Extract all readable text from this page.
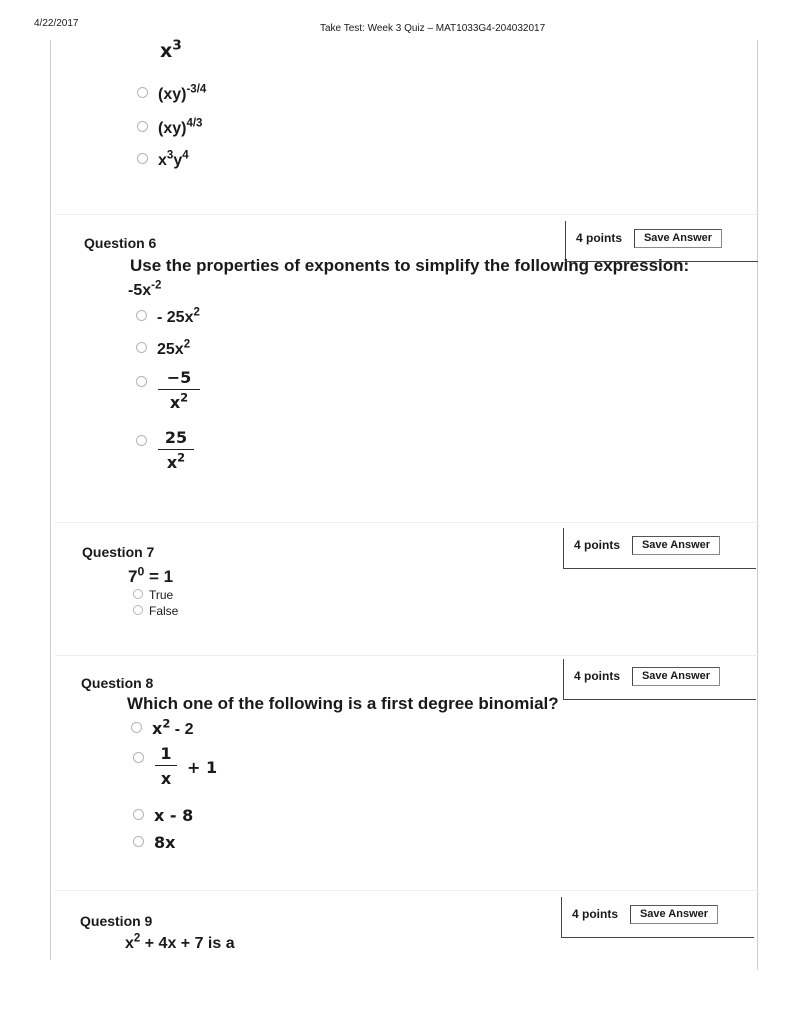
4/22/2017	Take Test: Week 3 Quiz – MAT1033G4-204032017
$x^3$
(xy)$^{-3/4}$
(xy)$^{4/3}$
$x^3y^4$
Question 6	4 points	Save Answer
Use the properties of exponents to simplify the following expression:
$-5x^{-2}$
- $25x^2$
$25x^2$
−5
$x^2$
25
$x^2$
Question 7	4 points	Save Answer
$7^0 = 1$
True
False
Question 8	4 points	Save Answer
Which one of the following is a first degree binomial?
$x^2 - 2$
1
x
+ 1
x - 8
8x
Question 9	4 points	Save Answer
$x^2 + 4x + 7$ is a
